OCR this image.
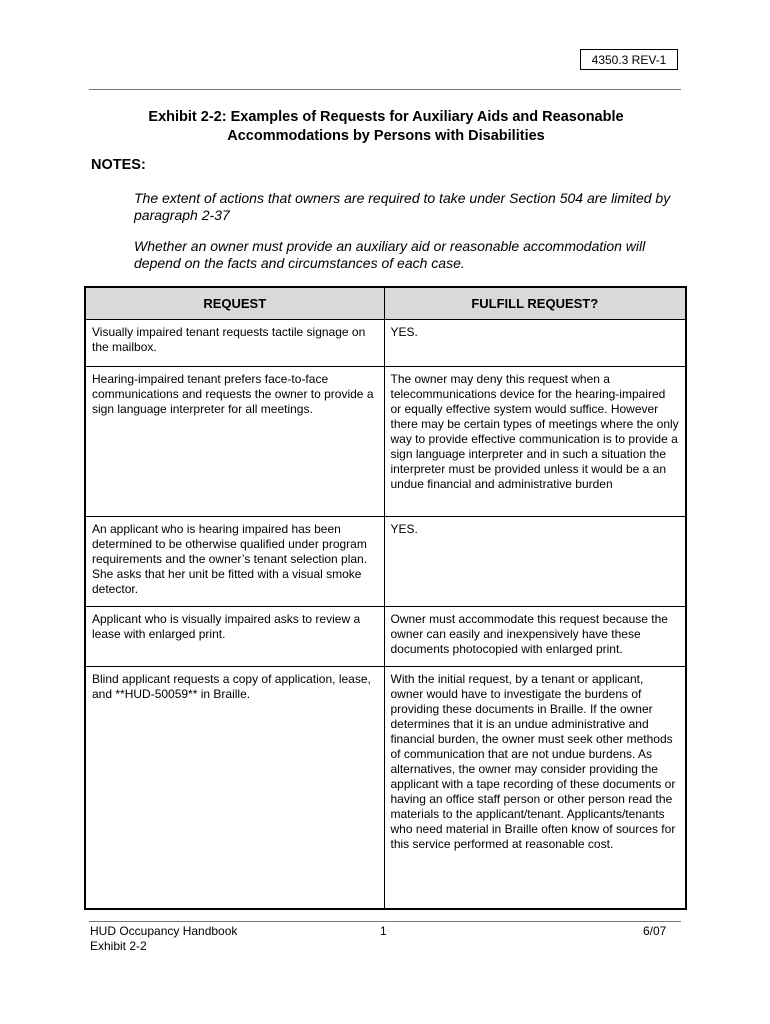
4350.3 REV-1
Exhibit 2-2: Examples of Requests for Auxiliary Aids and Reasonable
Accommodations by Persons with Disabilities
NOTES:
The extent of actions that owners are required to take under Section 504 are limited by paragraph 2-37
Whether an owner must provide an auxiliary aid or reasonable accommodation will depend on the facts and circumstances of each case.
REQUEST	FULFILL REQUEST?
Visually impaired tenant requests tactile signage on the mailbox.	YES.
Hearing-impaired tenant prefers face-to-face communications and requests the owner to provide a sign language interpreter for all meetings.	The owner may deny this request when a telecommunications device for the hearing-impaired or equally effective system would suffice. However there may be certain types of meetings where the only way to provide effective communication is to provide a sign language interpreter and in such a situation the interpreter must be provided unless it would be a an undue financial and administrative burden
An applicant who is hearing impaired has been determined to be otherwise qualified under program requirements and the owner’s tenant selection plan. She asks that her unit be fitted with a visual smoke detector.	YES.
Applicant who is visually impaired asks to review a lease with enlarged print.	Owner must accommodate this request because the owner can easily and inexpensively have these documents photocopied with enlarged print.
Blind applicant requests a copy of application, lease, and **HUD-50059** in Braille.	With the initial request, by a tenant or applicant, owner would have to investigate the burdens of providing these documents in Braille. If the owner determines that it is an undue administrative and financial burden, the owner must seek other methods of communication that are not undue burdens. As alternatives, the owner may consider providing the applicant with a tape recording of these documents or having an office staff person or other person read the materials to the applicant/tenant. Applicants/tenants who need material in Braille often know of sources for this service performed at reasonable cost.
HUD Occupancy Handbook
Exhibit 2-2
1	6/07
